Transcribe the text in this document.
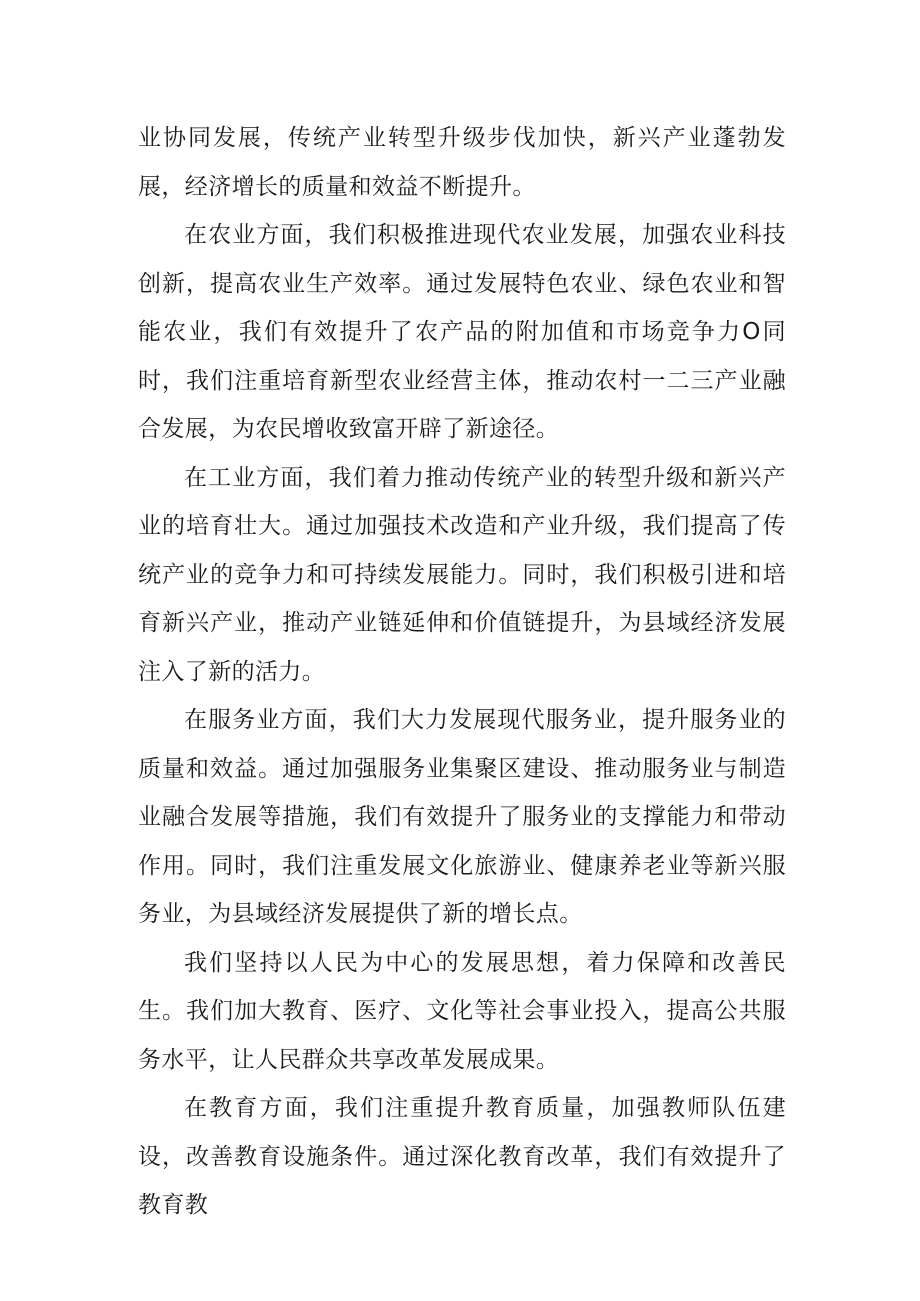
业协同发展，传统产业转型升级步伐加快，新兴产业蓬勃发展，经济增长的质量和效益不断提升。

在农业方面，我们积极推进现代农业发展，加强农业科技创新，提高农业生产效率。通过发展特色农业、绿色农业和智能农业，我们有效提升了农产品的附加值和市场竞争力O同时，我们注重培育新型农业经营主体，推动农村一二三产业融合发展，为农民增收致富开辟了新途径。

在工业方面，我们着力推动传统产业的转型升级和新兴产业的培育壮大。通过加强技术改造和产业升级，我们提高了传统产业的竞争力和可持续发展能力。同时，我们积极引进和培育新兴产业，推动产业链延伸和价值链提升，为县域经济发展注入了新的活力。

在服务业方面，我们大力发展现代服务业，提升服务业的质量和效益。通过加强服务业集聚区建设、推动服务业与制造业融合发展等措施，我们有效提升了服务业的支撑能力和带动作用。同时，我们注重发展文化旅游业、健康养老业等新兴服务业，为县域经济发展提供了新的增长点。

我们坚持以人民为中心的发展思想，着力保障和改善民生。我们加大教育、医疗、文化等社会事业投入，提高公共服务水平，让人民群众共享改革发展成果。

在教育方面，我们注重提升教育质量，加强教师队伍建设，改善教育设施条件。通过深化教育改革，我们有效提升了教育教
